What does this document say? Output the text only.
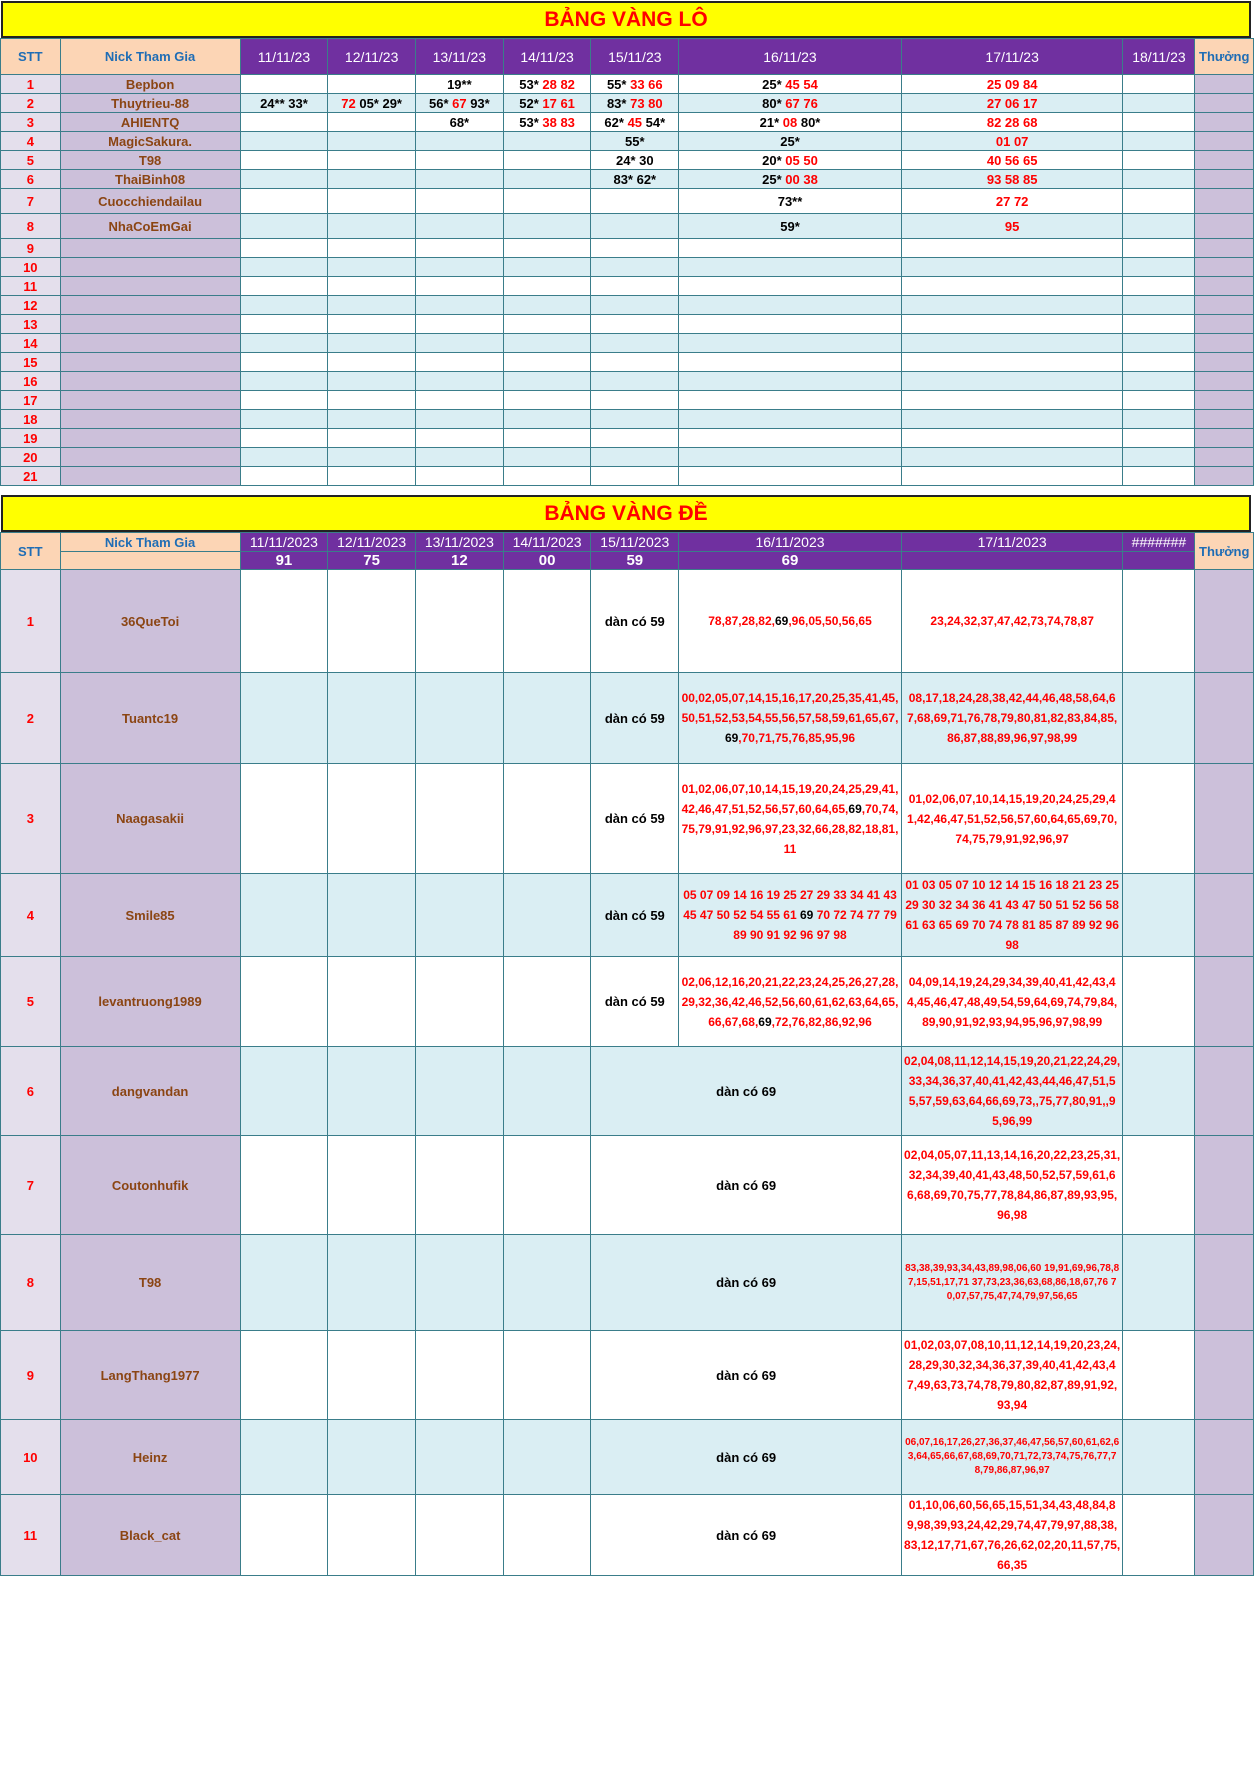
BẢNG VÀNG LÔ
STT	Nick Tham Gia	11/11/23	12/11/23	13/11/23	14/11/23	15/11/23	16/11/23	17/11/23	18/11/23	Thưởng
1	Bepbon			19**	53* 28 82	55* 33 66	25* 45 54	25 09 84		
2	Thuytrieu-88	24** 33*	72 05* 29*	56* 67 93*	52* 17 61	83* 73 80	80* 67 76	27 06 17		
3	AHIENTQ			68*	53* 38 83	62* 45 54*	21* 08 80*	82 28 68		
4	MagicSakura.					55*	25*	01 07		
5	T98					24* 30	20* 05 50	40 56 65		
6	ThaiBinh08					83* 62*	25* 00 38	93 58 85		
7	Cuocchiendailau						73**	27 72		
8	NhaCoEmGai						59*	95		
9										
10										
11										
12										
13										
14										
15										
16										
17										
18										
19										
20										
21										
BẢNG VÀNG ĐỀ
STT	Nick Tham Gia	11/11/2023	12/11/2023	13/11/2023	14/11/2023	15/11/2023	16/11/2023	17/11/2023	#######	Thưởng
		91	75	12	00	59	69			
1	36QueToi					dàn có 59	78,87,28,82,69,96,05,50,56,65	23,24,32,37,47,42,73,74,78,87		
2	Tuantc19					dàn có 59	00,02,05,07,14,15,16,17,20,25,35,41,45,50,51,52,53,54,55,56,57,58,59,61,65,67,69,70,71,75,76,85,95,96	08,17,18,24,28,38,42,44,46,48,58,64,67,68,69,71,76,78,79,80,81,82,83,84,85,86,87,88,89,96,97,98,99		
3	Naagasakii					dàn có 59	01,02,06,07,10,14,15,19,20,24,25,29,41,42,46,47,51,52,56,57,60,64,65,69,70,74,75,79,91,92,96,97,23,32,66,28,82,18,81,11	01,02,06,07,10,14,15,19,20,24,25,29,41,42,46,47,51,52,56,57,60,64,65,69,70,74,75,79,91,92,96,97		
4	Smile85					dàn có 59	05 07 09 14 16 19 25 27 29 33 34 41 43 45 47 50 52 54 55 61 69 70 72 74 77 79 89 90 91 92 96 97 98	01 03 05 07 10 12 14 15 16 18 21 23 25 29 30 32 34 36 41 43 47 50 51 52 56 58 61 63 65 69 70 74 78 81 85 87 89 92 96 98		
5	levantruong1989					dàn có 59	02,06,12,16,20,21,22,23,24,25,26,27,28,29,32,36,42,46,52,56,60,61,62,63,64,65,66,67,68,69,72,76,82,86,92,96	04,09,14,19,24,29,34,39,40,41,42,43,44,45,46,47,48,49,54,59,64,69,74,79,84,89,90,91,92,93,94,95,96,97,98,99		
6	dangvandan					dàn có 69		02,04,08,11,12,14,15,19,20,21,22,24,29,33,34,36,37,40,41,42,43,44,46,47,51,55,57,59,63,64,66,69,73,,75,77,80,91,,95,96,99		
7	Coutonhufik					dàn có 69		02,04,05,07,11,13,14,16,20,22,23,25,31,32,34,39,40,41,43,48,50,52,57,59,61,66,68,69,70,75,77,78,84,86,87,89,93,95,96,98		
8	T98					dàn có 69		83,38,39,93,34,43,89,98,06,60 19,91,69,96,78,87,15,51,17,71 37,73,23,36,63,68,86,18,67,76 70,07,57,75,47,74,79,97,56,65		
9	LangThang1977					dàn có 69		01,02,03,07,08,10,11,12,14,19,20,23,24,28,29,30,32,34,36,37,39,40,41,42,43,47,49,63,73,74,78,79,80,82,87,89,91,92,93,94		
10	Heinz					dàn có 69		06,07,16,17,26,27,36,37,46,47,56,57,60,61,62,63,64,65,66,67,68,69,70,71,72,73,74,75,76,77,78,79,86,87,96,97		
11	Black_cat					dàn có 69		01,10,06,60,56,65,15,51,34,43,48,84,89,98,39,93,24,42,29,74,47,79,97,88,38,83,12,17,71,67,76,26,62,02,20,11,57,75,66,35		
